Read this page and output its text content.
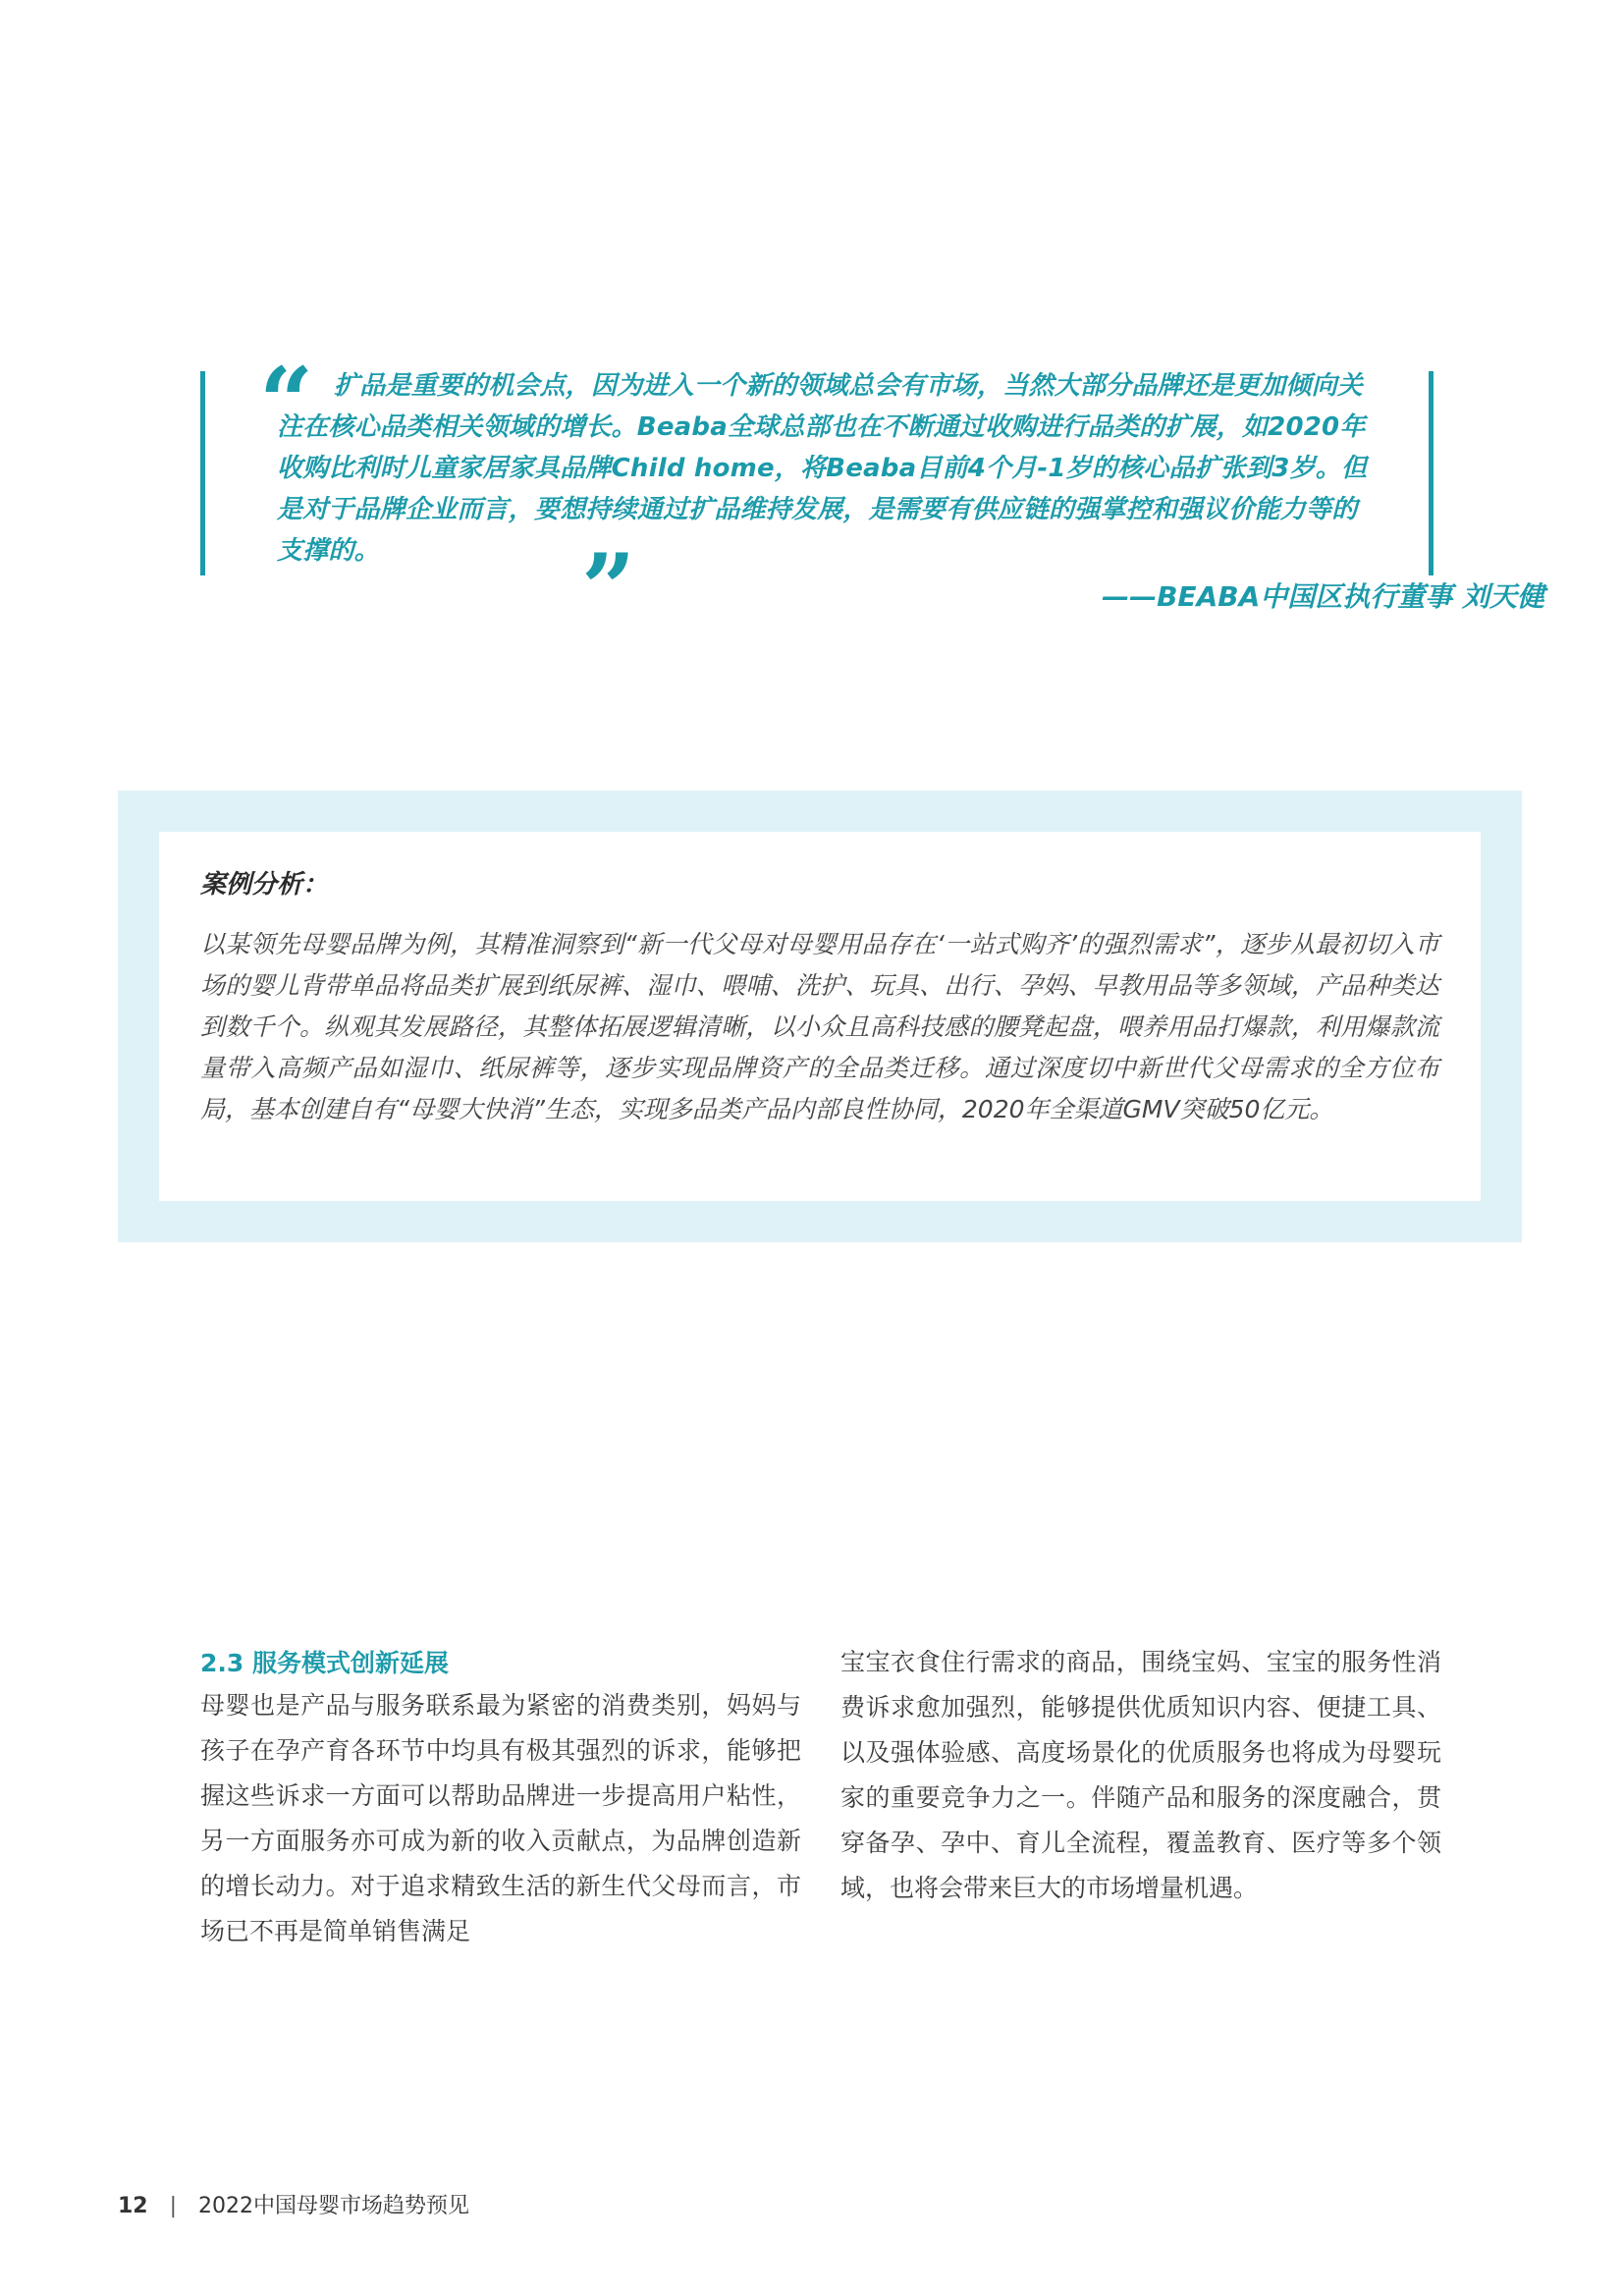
“ 扩品是重要的机会点，因为进入一个新的领域总会有市场，当然大部分品牌还是更加倾向关注在核心品类相关领域的增长。Beaba全球总部也在不断通过收购进行品类的扩展，如2020年收购比利时儿童家居家具品牌Child home，将Beaba目前4个月-1岁的核心品扩张到3岁。但是对于品牌企业而言，要想持续通过扩品维持发展，是需要有供应链的强掌控和强议价能力等的支撑的。	”	——BEABA中国区执行董事 刘天健

案例分析：

以某领先母婴品牌为例，其精准洞察到“新一代父母对母婴用品存在‘一站式购齐’的强烈需求”，逐步从最初切入市场的婴儿背带单品将品类扩展到纸尿裤、湿巾、喂哺、洗护、玩具、出行、孕妈、早教用品等多领域，产品种类达到数千个。纵观其发展路径，其整体拓展逻辑清晰，以小众且高科技感的腰凳起盘，喂养用品打爆款，利用爆款流量带入高频产品如湿巾、纸尿裤等，逐步实现品牌资产的全品类迁移。通过深度切中新世代父母需求的全方位布局，基本创建自有“母婴大快消”生态，实现多品类产品内部良性协同，2020年全渠道GMV突破50亿元。

2.3 服务模式创新延展

母婴也是产品与服务联系最为紧密的消费类别，妈妈与孩子在孕产育各环节中均具有极其强烈的诉求，能够把握这些诉求一方面可以帮助品牌进一步提高用户粘性，另一方面服务亦可成为新的收入贡献点，为品牌创造新的增长动力。对于追求精致生活的新生代父母而言，市场已不再是简单销售满足

宝宝衣食住行需求的商品，围绕宝妈、宝宝的服务性消费诉求愈加强烈，能够提供优质知识内容、便捷工具、以及强体验感、高度场景化的优质服务也将成为母婴玩家的重要竞争力之一。伴随产品和服务的深度融合，贯穿备孕、孕中、育儿全流程，覆盖教育、医疗等多个领域，也将会带来巨大的市场增量机遇。

12 | 2022中国母婴市场趋势预见
